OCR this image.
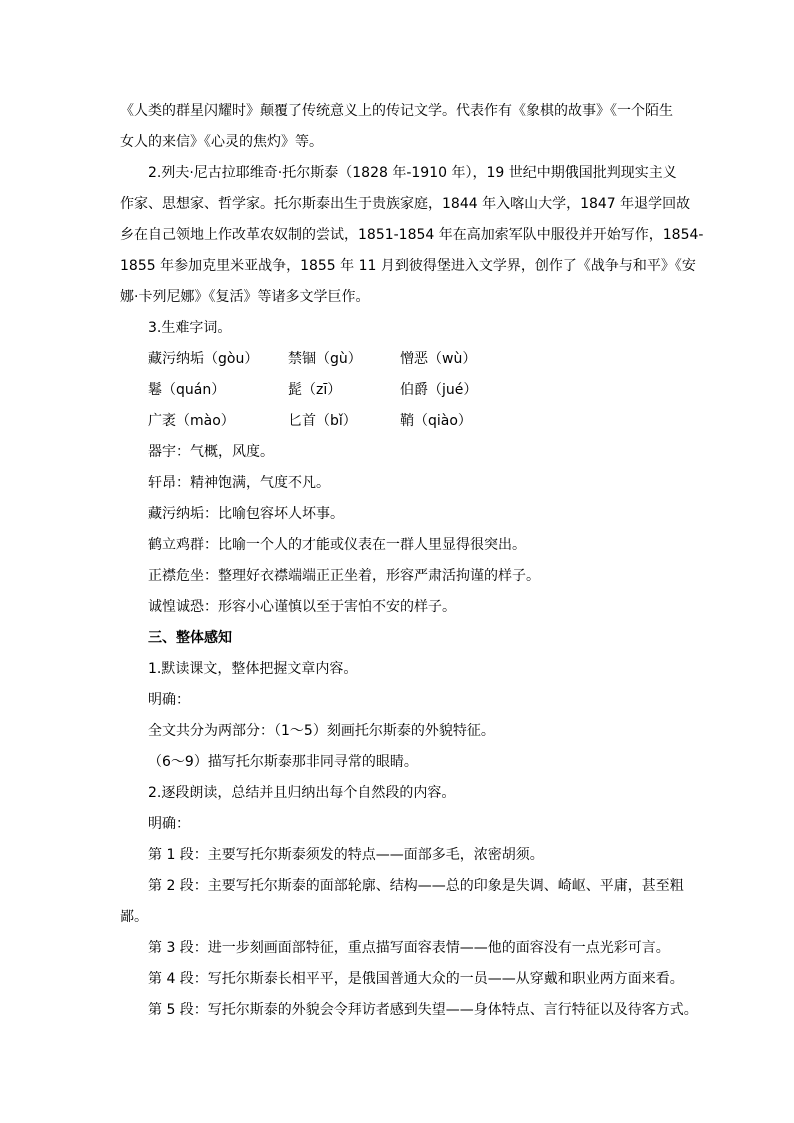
《人类的群星闪耀时》颠覆了传统意义上的传记文学。代表作有《象棋的故事》《一个陌生

女人的来信》《心灵的焦灼》等。

2.列夫·尼古拉耶维奇·托尔斯泰（1828 年-1910 年），19 世纪中期俄国批判现实主义

作家、思想家、哲学家。托尔斯泰出生于贵族家庭，1844 年入喀山大学，1847 年退学回故

乡在自己领地上作改革农奴制的尝试，1851-1854 年在高加索军队中服役并开始写作，1854-

1855 年参加克里米亚战争，1855 年 11 月到彼得堡进入文学界，创作了《战争与和平》《安

娜·卡列尼娜》《复活》等诸多文学巨作。

3.生难字词。

藏污纳垢（gòu）	禁锢（gù）	憎恶（wù）
鬈（quán）	髭（zī）	伯爵（jué）
广袤（mào）	匕首（bǐ）	鞘（qiào）

器宇：气概，风度。

轩昂：精神饱满，气度不凡。

藏污纳垢：比喻包容坏人坏事。

鹤立鸡群：比喻一个人的才能或仪表在一群人里显得很突出。

正襟危坐：整理好衣襟端端正正坐着，形容严肃活拘谨的样子。

诚惶诚恐：形容小心谨慎以至于害怕不安的样子。

三、整体感知

1.默读课文，整体把握文章内容。

明确：

全文共分为两部分：（1～5）刻画托尔斯泰的外貌特征。

（6～9）描写托尔斯泰那非同寻常的眼睛。

2.逐段朗读，总结并且归纳出每个自然段的内容。

明确：

第 1 段：主要写托尔斯泰须发的特点——面部多毛，浓密胡须。

第 2 段：主要写托尔斯泰的面部轮廓、结构——总的印象是失调、崎岖、平庸，甚至粗

鄙。

第 3 段：进一步刻画面部特征，重点描写面容表情——他的面容没有一点光彩可言。

第 4 段：写托尔斯泰长相平平，是俄国普通大众的一员——从穿戴和职业两方面来看。

第 5 段：写托尔斯泰的外貌会令拜访者感到失望——身体特点、言行特征以及待客方式。
